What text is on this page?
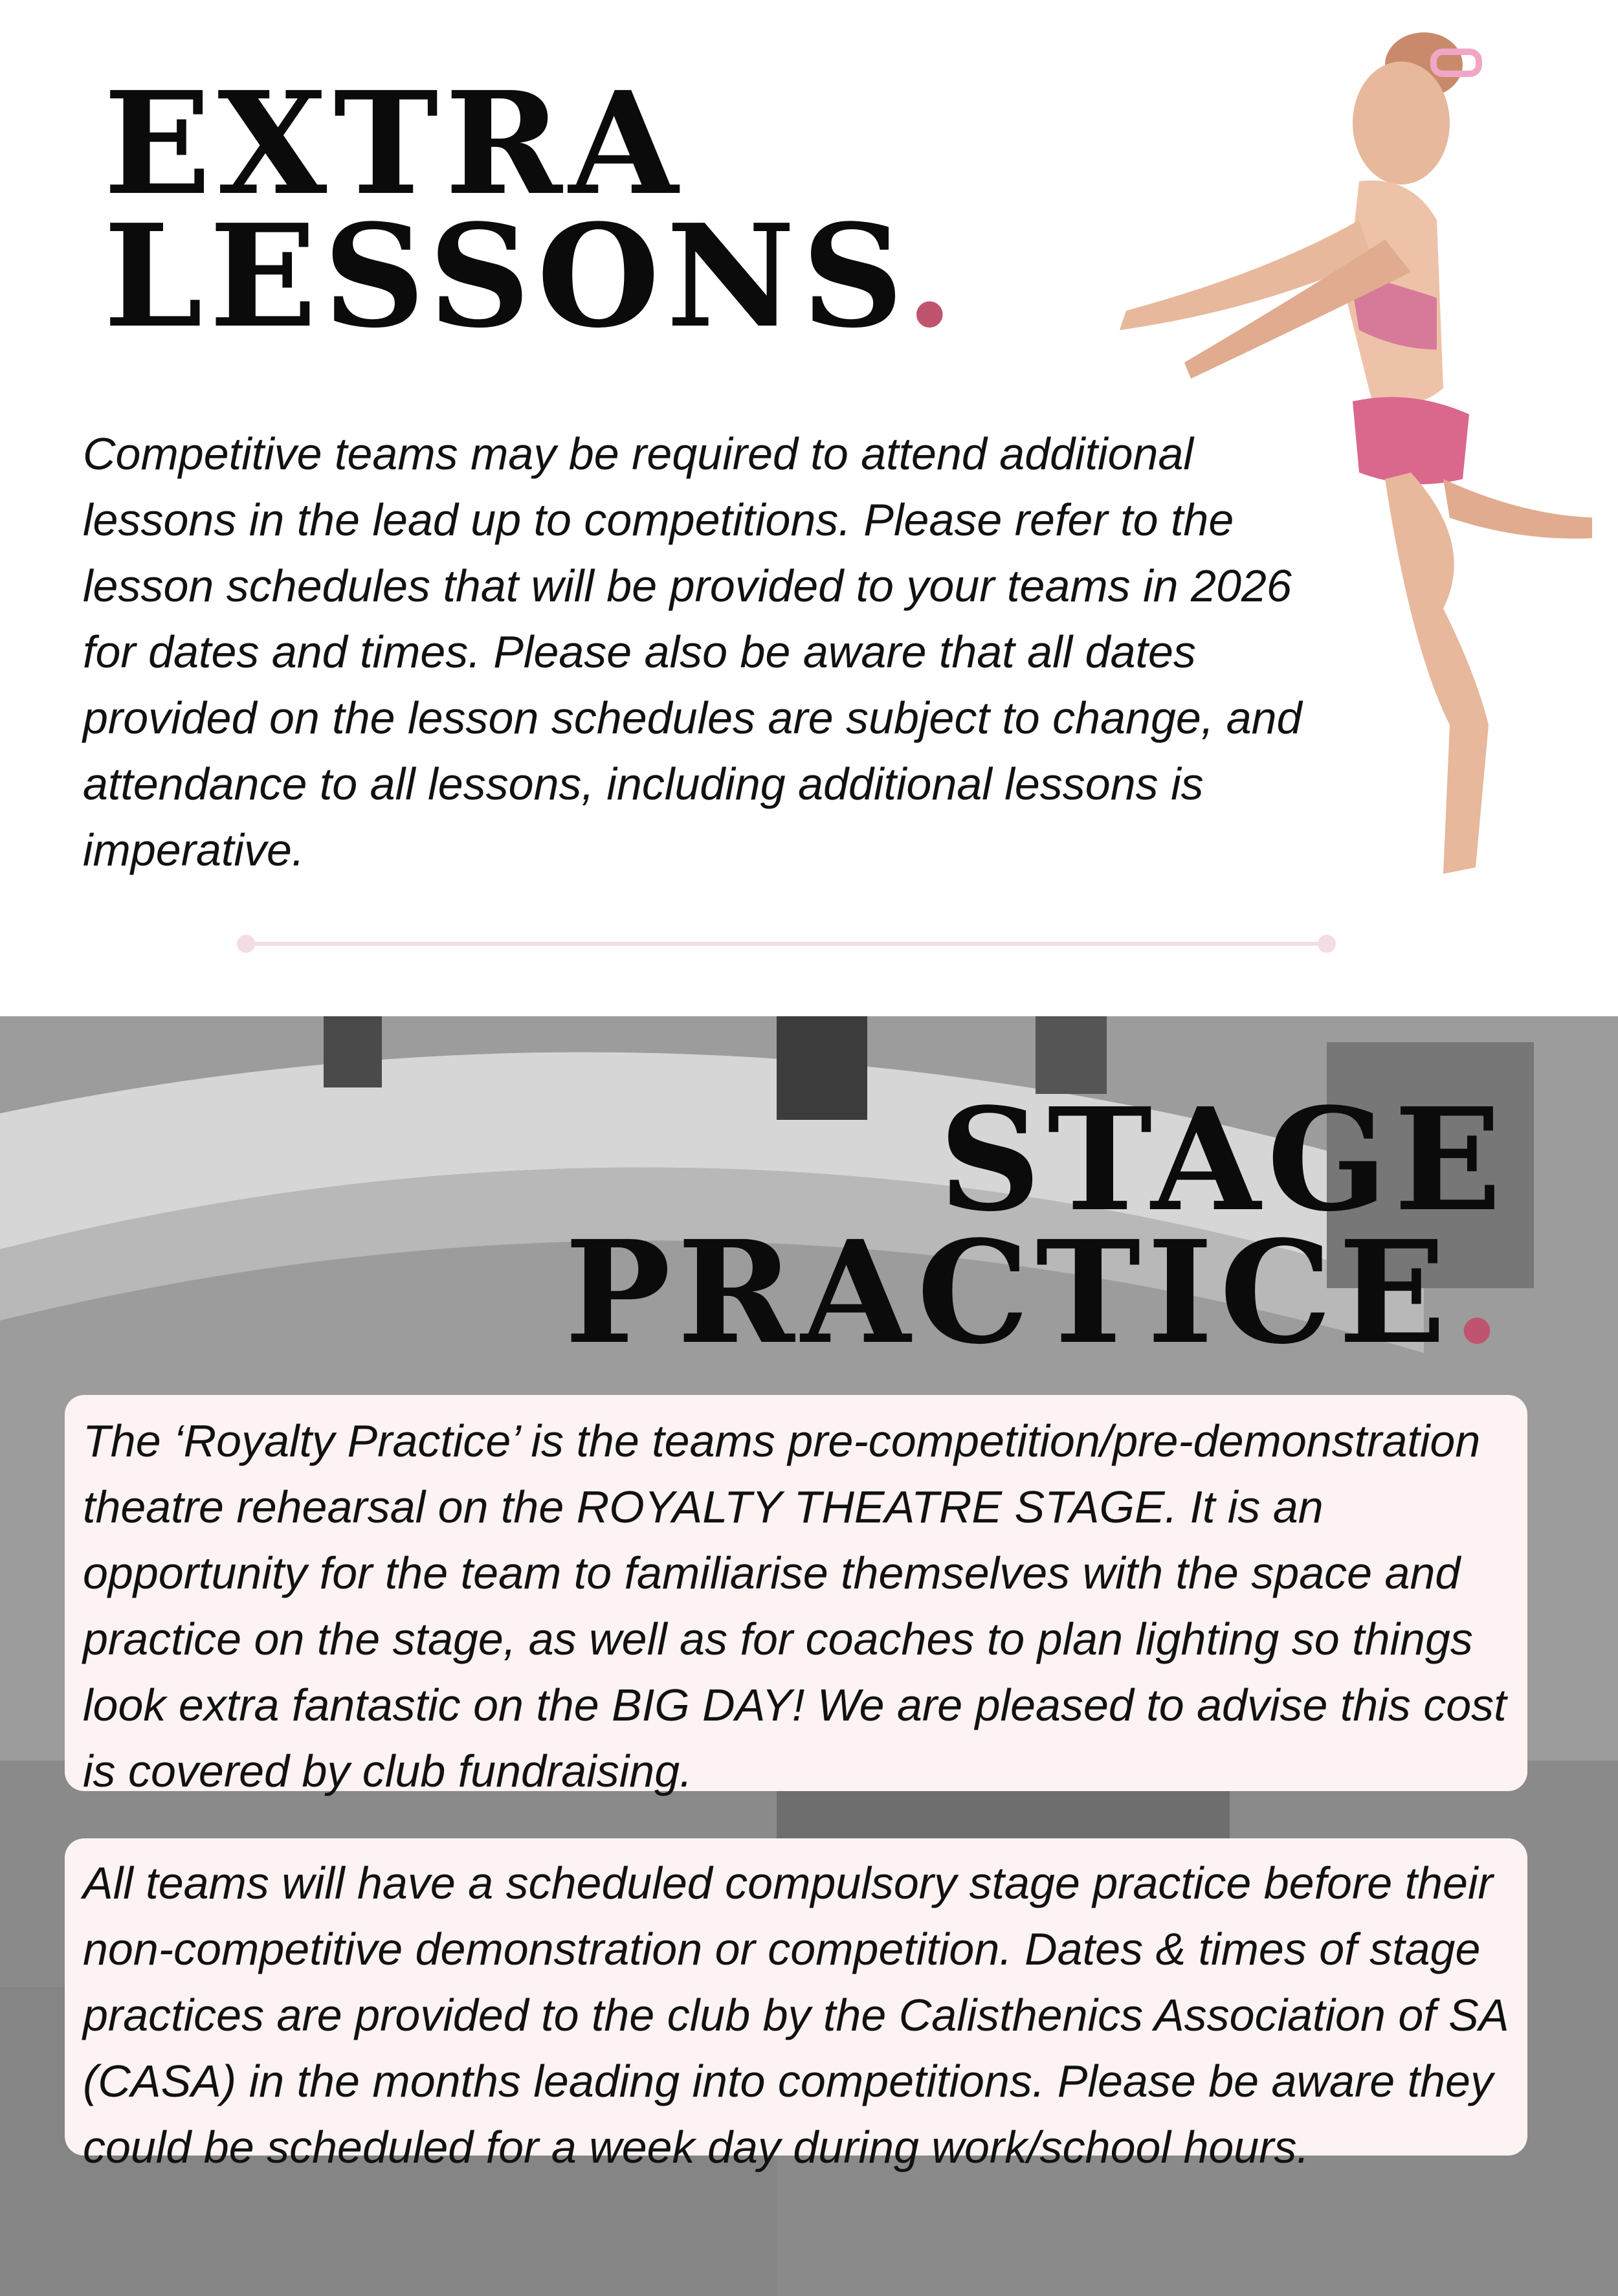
EXTRA
LESSONS.

Competitive teams may be required to attend additional lessons in the lead up to competitions. Please refer to the lesson schedules that will be provided to your teams in 2026 for dates and times. Please also be aware that all dates provided on the lesson schedules are subject to change, and attendance to all lessons, including additional lessons is imperative.

STAGE
PRACTICE.

The ‘Royalty Practice’ is the teams pre-competition/pre-demonstration theatre rehearsal on the ROYALTY THEATRE STAGE. It is an opportunity for the team to familiarise themselves with the space and practice on the stage, as well as for coaches to plan lighting so things look extra fantastic on the BIG DAY! We are pleased to advise this cost is covered by club fundraising.

All teams will have a scheduled compulsory stage practice before their non-competitive demonstration or competition. Dates & times of stage practices are provided to the club by the Calisthenics Association of SA (CASA) in the months leading into competitions. Please be aware they could be scheduled for a week day during work/school hours.
